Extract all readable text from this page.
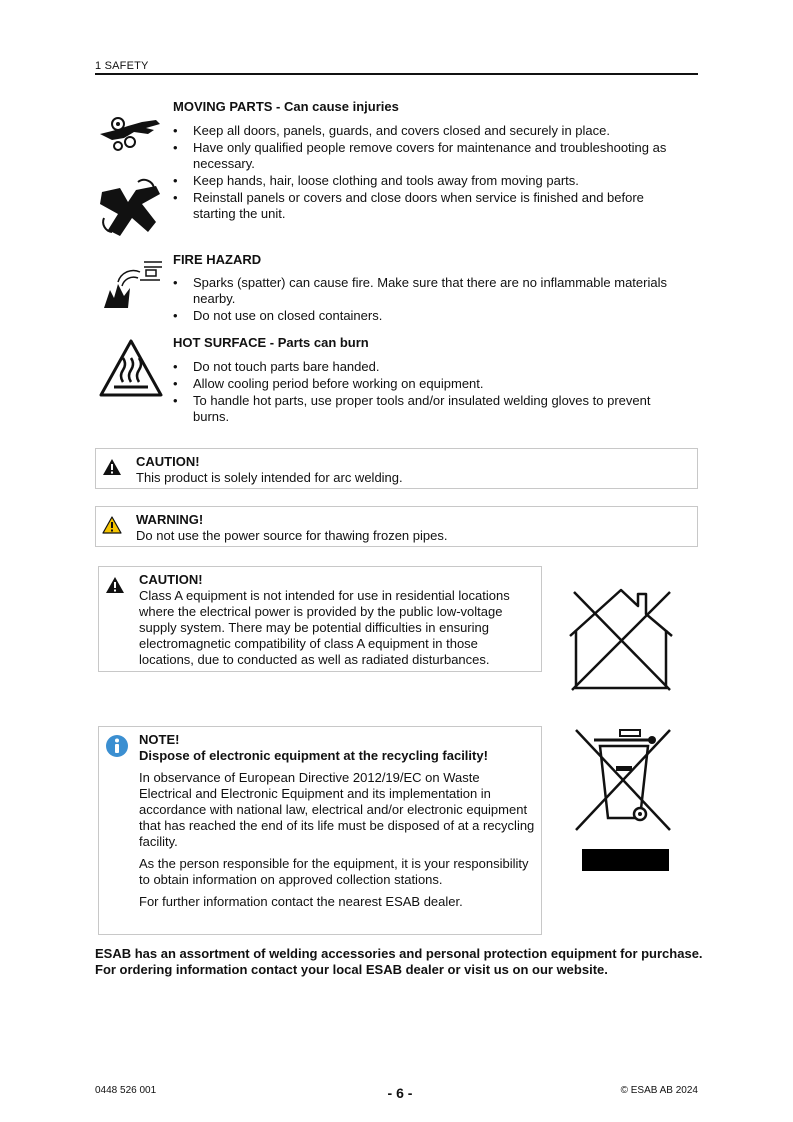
1 SAFETY
MOVING PARTS - Can cause injuries
• Keep all doors, panels, guards, and covers closed and securely in place.
• Have only qualified people remove covers for maintenance and troubleshooting as necessary.
• Keep hands, hair, loose clothing and tools away from moving parts.
• Reinstall panels or covers and close doors when service is finished and before starting the unit.
FIRE HAZARD
• Sparks (spatter) can cause fire. Make sure that there are no inflammable materials nearby.
• Do not use on closed containers.
HOT SURFACE - Parts can burn
• Do not touch parts bare handed.
• Allow cooling period before working on equipment.
• To handle hot parts, use proper tools and/or insulated welding gloves to prevent burns.
CAUTION!
This product is solely intended for arc welding.
WARNING!
Do not use the power source for thawing frozen pipes.
CAUTION!
Class A equipment is not intended for use in residential locations where the electrical power is provided by the public low-voltage supply system. There may be potential difficulties in ensuring electromagnetic compatibility of class A equipment in those locations, due to conducted as well as radiated disturbances.
NOTE!
Dispose of electronic equipment at the recycling facility!

In observance of European Directive 2012/19/EC on Waste Electrical and Electronic Equipment and its implementation in accordance with national law, electrical and/or electronic equipment that has reached the end of its life must be disposed of at a recycling facility.

As the person responsible for the equipment, it is your responsibility to obtain information on approved collection stations.

For further information contact the nearest ESAB dealer.

ESAB has an assortment of welding accessories and personal protection equipment for purchase. For ordering information contact your local ESAB dealer or visit us on our website.
0448 526 001	- 6 -	© ESAB AB 2024
